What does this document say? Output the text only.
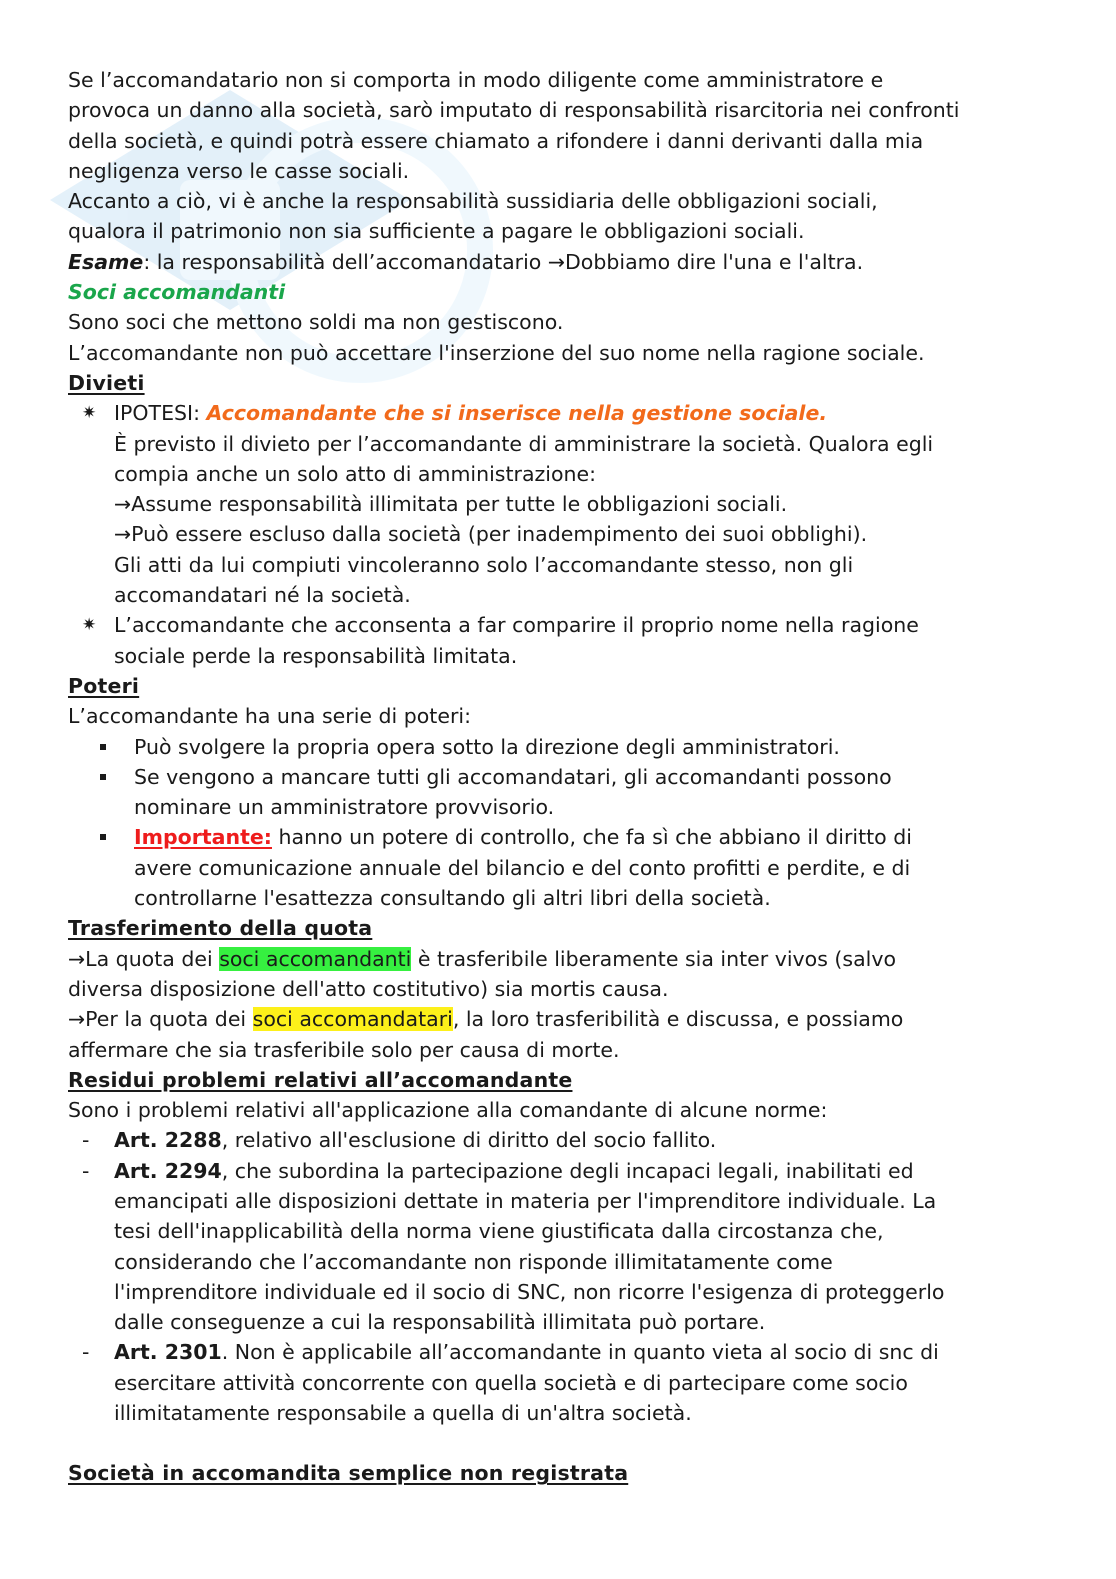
Se l’accomandatario non si comporta in modo diligente come amministratore e
provoca un danno alla società, sarò imputato di responsabilità risarcitoria nei confronti
della società, e quindi potrà essere chiamato a rifondere i danni derivanti dalla mia
negligenza verso le casse sociali.
Accanto a ciò, vi è anche la responsabilità sussidiaria delle obbligazioni sociali,
qualora il patrimonio non sia sufficiente a pagare le obbligazioni sociali.
Esame: la responsabilità dell’accomandatario →Dobbiamo dire l'una e l'altra.
Soci accomandanti
Sono soci che mettono soldi ma non gestiscono.
L’accomandante non può accettare l'inserzione del suo nome nella ragione sociale.
Divieti
✷ IPOTESI: Accomandante che si inserisce nella gestione sociale.
È previsto il divieto per l’accomandante di amministrare la società. Qualora egli
compia anche un solo atto di amministrazione:
→Assume responsabilità illimitata per tutte le obbligazioni sociali.
→Può essere escluso dalla società (per inadempimento dei suoi obblighi).
Gli atti da lui compiuti vincoleranno solo l’accomandante stesso, non gli
accomandatari né la società.
✷ L’accomandante che acconsenta a far comparire il proprio nome nella ragione
sociale perde la responsabilità limitata.
Poteri
L’accomandante ha una serie di poteri:
Può svolgere la propria opera sotto la direzione degli amministratori.
Se vengono a mancare tutti gli accomandatari, gli accomandanti possono
nominare un amministratore provvisorio.
Importante: hanno un potere di controllo, che fa sì che abbiano il diritto di
avere comunicazione annuale del bilancio e del conto profitti e perdite, e di
controllarne l'esattezza consultando gli altri libri della società.
Trasferimento della quota
→La quota dei soci accomandanti è trasferibile liberamente sia inter vivos (salvo
diversa disposizione dell'atto costitutivo) sia mortis causa.
→Per la quota dei soci accomandatari, la loro trasferibilità e discussa, e possiamo
affermare che sia trasferibile solo per causa di morte.
Residui problemi relativi all’accomandante
Sono i problemi relativi all'applicazione alla comandante di alcune norme:
- Art. 2288, relativo all'esclusione di diritto del socio fallito.
- Art. 2294, che subordina la partecipazione degli incapaci legali, inabilitati ed
emancipati alle disposizioni dettate in materia per l'imprenditore individuale. La
tesi dell'inapplicabilità della norma viene giustificata dalla circostanza che,
considerando che l’accomandante non risponde illimitatamente come
l'imprenditore individuale ed il socio di SNC, non ricorre l'esigenza di proteggerlo
dalle conseguenze a cui la responsabilità illimitata può portare.
- Art. 2301. Non è applicabile all’accomandante in quanto vieta al socio di snc di
esercitare attività concorrente con quella società e di partecipare come socio
illimitatamente responsabile a quella di un'altra società.
Società in accomandita semplice non registrata
